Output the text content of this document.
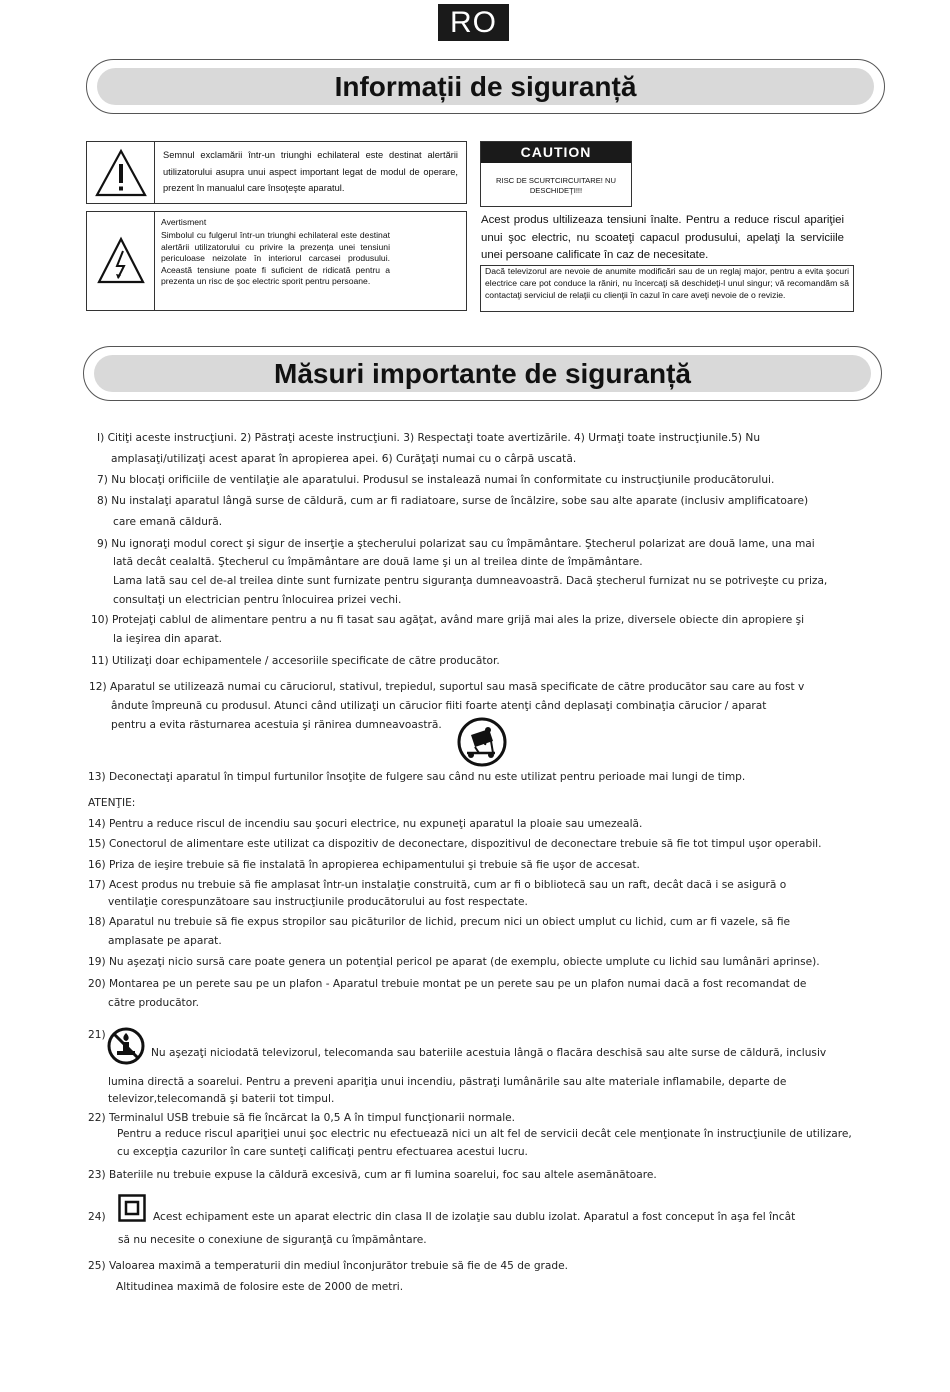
RO
Informații de siguranță
Semnul exclamării într-un triunghi echilateral este destinat alertării utilizatorului asupra unui aspect important legat de modul de operare, prezent în manualul care însoţeşte aparatul.
Avertisment
Simbolul cu fulgerul într-un triunghi echilateral este destinat alertării utilizatorului cu privire la prezența unei tensiuni periculoase neizolate în interiorul carcasei produsului. Această tensiune poate fi suficient de ridicată pentru a prezenta un risc de şoc electric sporit pentru persoane.
CAUTION
RISC DE SCURTCIRCUITARE! NU DESCHIDEŢI!!!
Acest produs ultilizeaza tensiuni înalte. Pentru a reduce riscul apariţiei unui şoc electric, nu scoateţi capacul produsului, apelaţi la serviciile unei persoane calificate în caz de necesitate.
Dacă televizorul are nevoie de anumite modificări sau de un reglaj major, pentru a evita şocuri electrice care pot conduce la răniri, nu încercaţi să deschideţi-l unul singur; vă recomandăm să contactaţi serviciul de relaţii cu clienţii în cazul în care aveţi nevoie de o revizie.
Măsuri importante de siguranță
I) Citiţi aceste instrucţiuni. 2) Păstraţi aceste instrucţiuni. 3) Respectaţi toate avertizările. 4) Urmaţi toate instrucţiunile.5) Nu
amplasaţi/utilizaţi acest aparat în apropierea apei. 6) Curăţaţi numai cu o cârpă uscată.
7) Nu blocaţi orificiile de ventilaţie ale aparatului. Produsul se instalează numai în conformitate cu instrucţiunile producătorului.
8) Nu instalaţi aparatul lângă surse de căldură, cum ar fi radiatoare, surse de încălzire, sobe sau alte aparate (inclusiv amplificatoare)
care emană căldură.
9) Nu ignoraţi modul corect şi sigur de inserţie a ştecherului polarizat sau cu împământare. Ştecherul polarizat are două lame, una mai
lată decât cealaltă. Ştecherul cu împământare are două lame şi un al treilea dinte de împământare.
Lama lată sau cel de-al treilea dinte sunt furnizate pentru siguranţa dumneavoastră. Dacă ştecherul furnizat nu se potriveşte cu priza,
consultaţi un electrician pentru înlocuirea prizei vechi.
10) Protejaţi cablul de alimentare pentru a nu fi tasat sau agăţat, având mare grijă mai ales la prize, diversele obiecte din apropiere şi
la ieşirea din aparat.
11) Utilizaţi doar echipamentele / accesoriile specificate de către producător.
12) Aparatul se utilizează numai cu căruciorul, stativul, trepiedul, suportul sau masă specificate de către producător sau care au fost v
ândute împreună cu produsul. Atunci când utilizaţi un cărucior fiiti foarte atenţi când deplasaţi combinaţia cărucior / aparat
pentru a evita răsturnarea acestuia şi rănirea dumneavoastră.
13) Deconectaţi aparatul în timpul furtunilor însoţite de fulgere sau când nu este utilizat pentru perioade mai lungi de timp.
ATENŢIE:
14) Pentru a reduce riscul de incendiu sau şocuri electrice, nu expuneţi aparatul la ploaie sau umezeală.
15) Conectorul de alimentare este utilizat ca dispozitiv de deconectare, dispozitivul de deconectare trebuie să fie tot timpul uşor operabil.
16) Priza de ieşire trebuie să fie instalată în apropierea echipamentului şi trebuie să fie uşor de accesat.
17) Acest produs nu trebuie să fie amplasat într-un instalaţie construită, cum ar fi o bibliotecă sau un raft, decât dacă i se asigură o
ventilaţie corespunzătoare sau instrucţiunile producătorului au fost respectate.
18) Aparatul nu trebuie să fie expus stropilor sau picăturilor de lichid, precum nici un obiect umplut cu lichid, cum ar fi vazele, să fie
amplasate pe aparat.
19) Nu aşezaţi nicio sursă care poate genera un potenţial pericol pe aparat (de exemplu, obiecte umplute cu lichid sau lumânări aprinse).
20) Montarea pe un perete sau pe un plafon - Aparatul trebuie montat pe un perete sau pe un plafon numai dacă a fost recomandat de
către producător.
21)
Nu aşezaţi niciodată televizorul, telecomanda sau bateriile acestuia lângă o flacăra deschisă sau alte surse de căldură, inclusiv
lumina directă a soarelui. Pentru a preveni apariţia unui incendiu, păstraţi lumânările sau alte materiale inflamabile, departe de
televizor,telecomandă şi baterii tot timpul.
22) Terminalul USB trebuie să fie încărcat la 0,5 A în timpul funcţionarii normale.
Pentru a reduce riscul apariţiei unui şoc electric nu efectuează nici un alt fel de servicii decât cele menţionate în instrucţiunile de utilizare,
cu excepţia cazurilor în care sunteţi calificaţi pentru efectuarea acestui lucru.
23) Bateriile nu trebuie expuse la căldură excesivă, cum ar fi lumina soarelui, foc sau altele asemănătoare.
24)	Acest echipament este un aparat electric din clasa II de izolaţie sau dublu izolat. Aparatul a fost conceput în aşa fel încât
să nu necesite o conexiune de siguranţă cu împământare.
25) Valoarea maximă a temperaturii din mediul înconjurător trebuie să fie de 45 de grade.
Altitudinea maximă de folosire este de 2000 de metri.
